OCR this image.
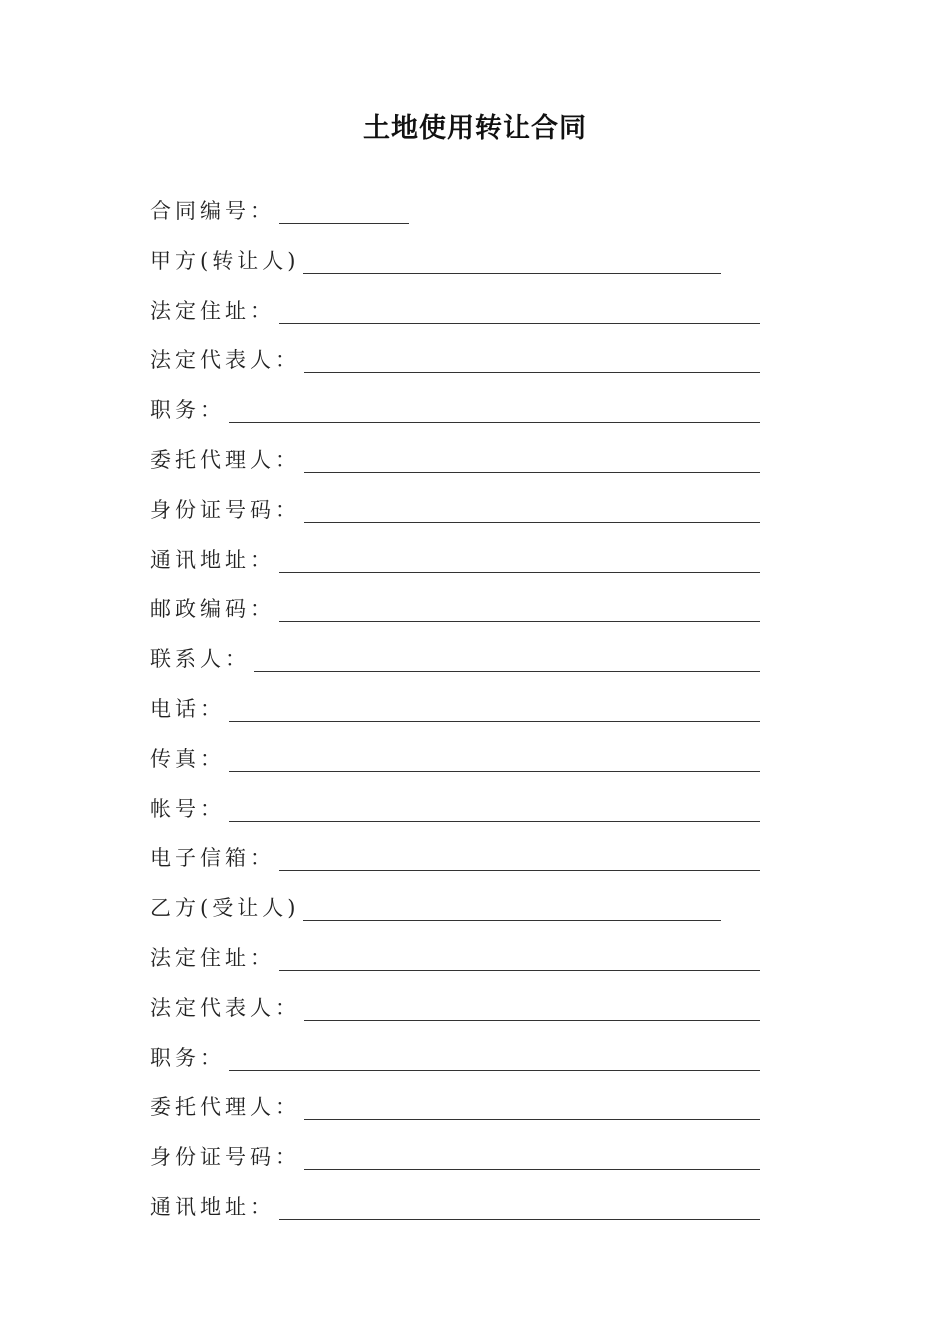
土地使用转让合同
合同编号：
甲方(转让人)
法定住址：
法定代表人：
职务：
委托代理人：
身份证号码：
通讯地址：
邮政编码：
联系人：
电话：
传真：
帐号：
电子信箱：
乙方(受让人)
法定住址：
法定代表人：
职务：
委托代理人：
身份证号码：
通讯地址：
